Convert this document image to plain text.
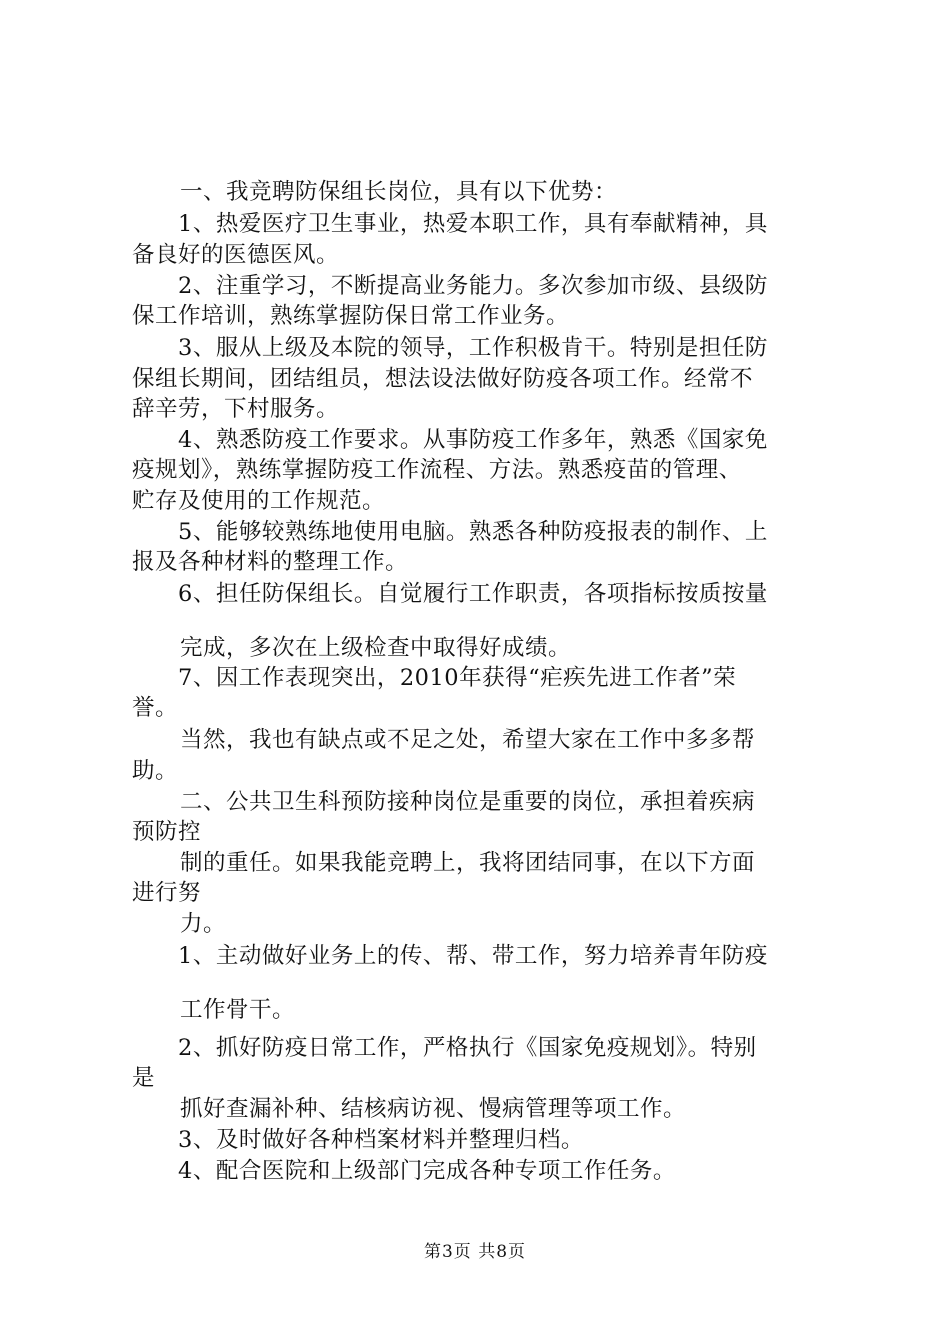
一、我竞聘防保组长岗位，具有以下优势：
1、热爱医疗卫生事业，热爱本职工作，具有奉献精神，具
备良好的医德医风。
2、注重学习，不断提高业务能力。多次参加市级、县级防
保工作培训，熟练掌握防保日常工作业务。
3、服从上级及本院的领导，工作积极肯干。特别是担任防
保组长期间，团结组员，想法设法做好防疫各项工作。经常不
辞辛劳，下村服务。
4、熟悉防疫工作要求。从事防疫工作多年，熟悉《国家免
疫规划》，熟练掌握防疫工作流程、方法。熟悉疫苗的管理、
贮存及使用的工作规范。
5、能够较熟练地使用电脑。熟悉各种防疫报表的制作、上
报及各种材料的整理工作。
6、担任防保组长。自觉履行工作职责，各项指标按质按量
完成，多次在上级检查中取得好成绩。
7、因工作表现突出，2010年获得“疟疾先进工作者”荣
誉。
当然，我也有缺点或不足之处，希望大家在工作中多多帮
助。
二、公共卫生科预防接种岗位是重要的岗位，承担着疾病
预防控
制的重任。如果我能竞聘上，我将团结同事，在以下方面
进行努
力。
1、主动做好业务上的传、帮、带工作，努力培养青年防疫
工作骨干。
2、抓好防疫日常工作，严格执行《国家免疫规划》。特别
是
抓好查漏补种、结核病访视、慢病管理等项工作。
3、及时做好各种档案材料并整理归档。
4、配合医院和上级部门完成各种专项工作任务。
第3页 共8页
